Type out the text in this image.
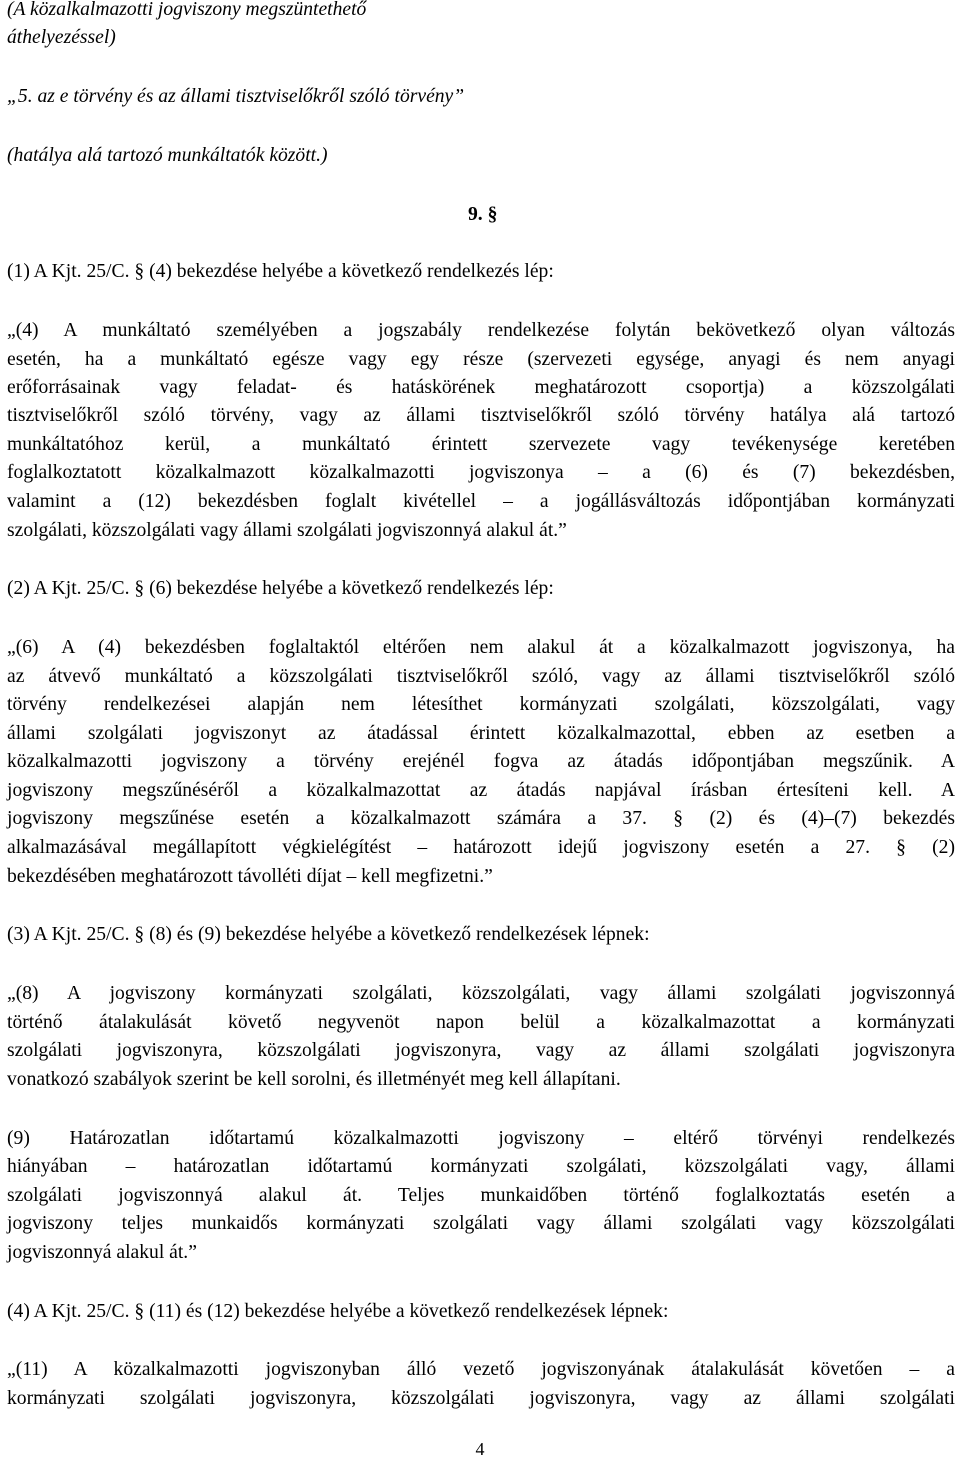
(A közalkalmazotti jogviszony megszüntethető
áthelyezéssel)
„5. az e törvény és az állami tisztviselőkről szóló törvény”
(hatálya alá tartozó munkáltatók között.)
9. §
(1) A Kjt. 25/C. § (4) bekezdése helyébe a következő rendelkezés lép:
„(4) A munkáltató személyében a jogszabály rendelkezése folytán bekövetkező olyan változás
esetén, ha a munkáltató egésze vagy egy része (szervezeti egysége, anyagi és nem anyagi
erőforrásainak vagy feladat- és hatáskörének meghatározott csoportja) a közszolgálati
tisztviselőkről szóló törvény, vagy az állami tisztviselőkről szóló törvény hatálya alá tartozó
munkáltatóhoz kerül, a munkáltató érintett szervezete vagy tevékenysége keretében
foglalkoztatott közalkalmazott közalkalmazotti jogviszonya – a (6) és (7) bekezdésben,
valamint a (12) bekezdésben foglalt kivétellel – a jogállásváltozás időpontjában kormányzati
szolgálati, közszolgálati vagy állami szolgálati jogviszonnyá alakul át.”
(2) A Kjt. 25/C. § (6) bekezdése helyébe a következő rendelkezés lép:
„(6) A (4) bekezdésben foglaltaktól eltérően nem alakul át a közalkalmazott jogviszonya, ha
az átvevő munkáltató a közszolgálati tisztviselőkről szóló, vagy az állami tisztviselőkről szóló
törvény rendelkezései alapján nem létesíthet kormányzati szolgálati, közszolgálati, vagy
állami szolgálati jogviszonyt az átadással érintett közalkalmazottal, ebben az esetben a
közalkalmazotti jogviszony a törvény erejénél fogva az átadás időpontjában megszűnik. A
jogviszony megszűnéséről a közalkalmazottat az átadás napjával írásban értesíteni kell. A
jogviszony megszűnése esetén a közalkalmazott számára a 37. § (2) és (4)–(7) bekezdés
alkalmazásával megállapított végkielégítést – határozott idejű jogviszony esetén a 27. § (2)
bekezdésében meghatározott távolléti díjat – kell megfizetni.”
(3) A Kjt. 25/C. § (8) és (9) bekezdése helyébe a következő rendelkezések lépnek:
„(8) A jogviszony kormányzati szolgálati, közszolgálati, vagy állami szolgálati jogviszonnyá
történő átalakulását követő negyvenöt napon belül a közalkalmazottat a kormányzati
szolgálati jogviszonyra, közszolgálati jogviszonyra, vagy az állami szolgálati jogviszonyra
vonatkozó szabályok szerint be kell sorolni, és illetményét meg kell állapítani.
(9) Határozatlan időtartamú közalkalmazotti jogviszony – eltérő törvényi rendelkezés
hiányában – határozatlan időtartamú kormányzati szolgálati, közszolgálati vagy, állami
szolgálati jogviszonnyá alakul át. Teljes munkaidőben történő foglalkoztatás esetén a
jogviszony teljes munkaidős kormányzati szolgálati vagy állami szolgálati vagy közszolgálati
jogviszonnyá alakul át.”
(4) A Kjt. 25/C. § (11) és (12) bekezdése helyébe a következő rendelkezések lépnek:
„(11) A közalkalmazotti jogviszonyban álló vezető jogviszonyának átalakulását követően – a
kormányzati szolgálati jogviszonyra, közszolgálati jogviszonyra, vagy az állami szolgálati
4
